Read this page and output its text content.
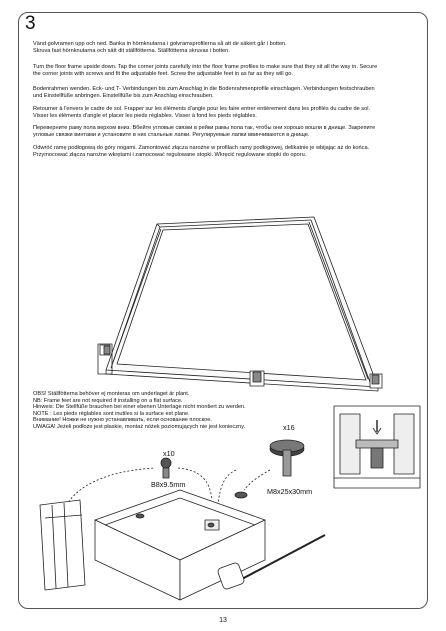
3
Vänd golvramen upp och ned. Banka in hörnknutarna i golvramsprofilerna så att de säkert går i botten.
Skruva fast hörnknutarna och sätt dit ställfötterna. Ställfötterna skruvas i botten.
Turn the floor frame upside down. Tap the corner joints carefully into the floor frame profiles to make sure that they sit all the way in. Secure
the corner joints with screws and fit the adjustable feet. Screw the adjustable feet in as far as they will go.
Bodenrahmen wenden. Eck- und T- Verbindungen bis zum Anschlag in die Bodenrahmenprofile einschlagen. Verbindungen festschrauben
und Einstellfüße anbringen. Einstellfüße bis zum Anschlag einschrauben.
Retourner à l'envers le cadre de sol. Frapper sur les éléments d'angle pour les faire entrer entièrement dans les profilés du cadre de sol.
Visser les éléments d'angle et placer les pieds réglables. Visser à fond les pieds réglables.
Переверните раму пола верхом вниз. Вбейте угловые связки в рейки рамы пола так, чтобы они хорошо вошли в днище. Закрепите
угловые связки винтами и установите в них стальные лапки. Регулируемые лапки ввинчиваются в днище.
Odwróć ramę podłogową do góry nogami. Zamontować złącza narożne w profilach ramy podłogowej, delikatnie je wbijając aż do końca.
Przymocować złącza narożne wkrętami i zamocować regulowane stopki. Wkręcić regulowane stopki do oporu.
OBS! Ställfötterna behöver ej monteras om underlaget är plant.
NB: Frame feet are not required if installing on a flat surface.
Hinweis: Die Stellfüße brauchen bei einer ebenen Unterlage nicht montiert zu werden.
NOTE : Les pieds réglables sont inutiles si la surface est plane.
Внимание! Ножки не нужно устанавливать, если основание плоское.
UWAGA! Jeżeli podłoże jest płaskie, montaż nóżek poziomujących nie jest konieczny.
x10
B8x9.5mm
x16
M8x25x30mm
13
